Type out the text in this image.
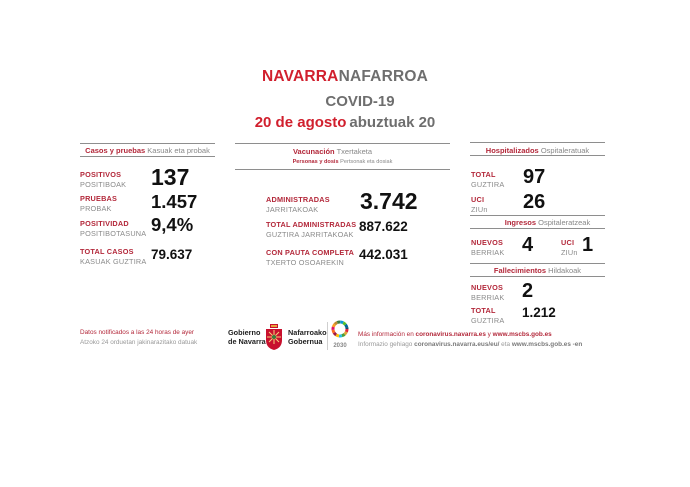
NAVARRANAFARROA
COVID-19
20 de agosto abuztuak 20
Casos y pruebas Kasuak eta probak
POSITIVOS
POSITIBOAK 137
PRUEBAS
PROBAK 1.457
POSITIVIDAD
POSITIBOTASUNA 9,4%
TOTAL CASOS
KASUAK GUZTIRA 79.637
Vacunación Txertaketa
Personas y dosis Pertsonak eta dosiak
ADMINISTRADAS
JARRITAKOAK	3.742
TOTAL ADMINISTRADAS
GUZTIRA JARRITAKOAK
887.622
CON PAUTA COMPLETA
TXERTO OSOAREKIN
442.031
Hospitalizados Ospitaleratuak
TOTAL
GUZTIRA 97
UCI
ZIUn 26
Ingresos Ospitaleratzeak
NUEVOS
BERRIAK 4	UCI
ZIUn 1
Fallecimientos Hildakoak
NUEVOS
BERRIAK 2
TOTAL
GUZTIRA
1.212
Datos notificados a las 24 horas de ayer
Atzoko 24 orduetan jakinarazitako datuak
Gobierno
de Navarra
Nafarroako
Gobernua	2030
Más información en coronavirus.navarra.es y www.mscbs.gob.es
Informazio gehiago coronavirus.navarra.eus/eu/ eta www.mscbs.gob.es -en
